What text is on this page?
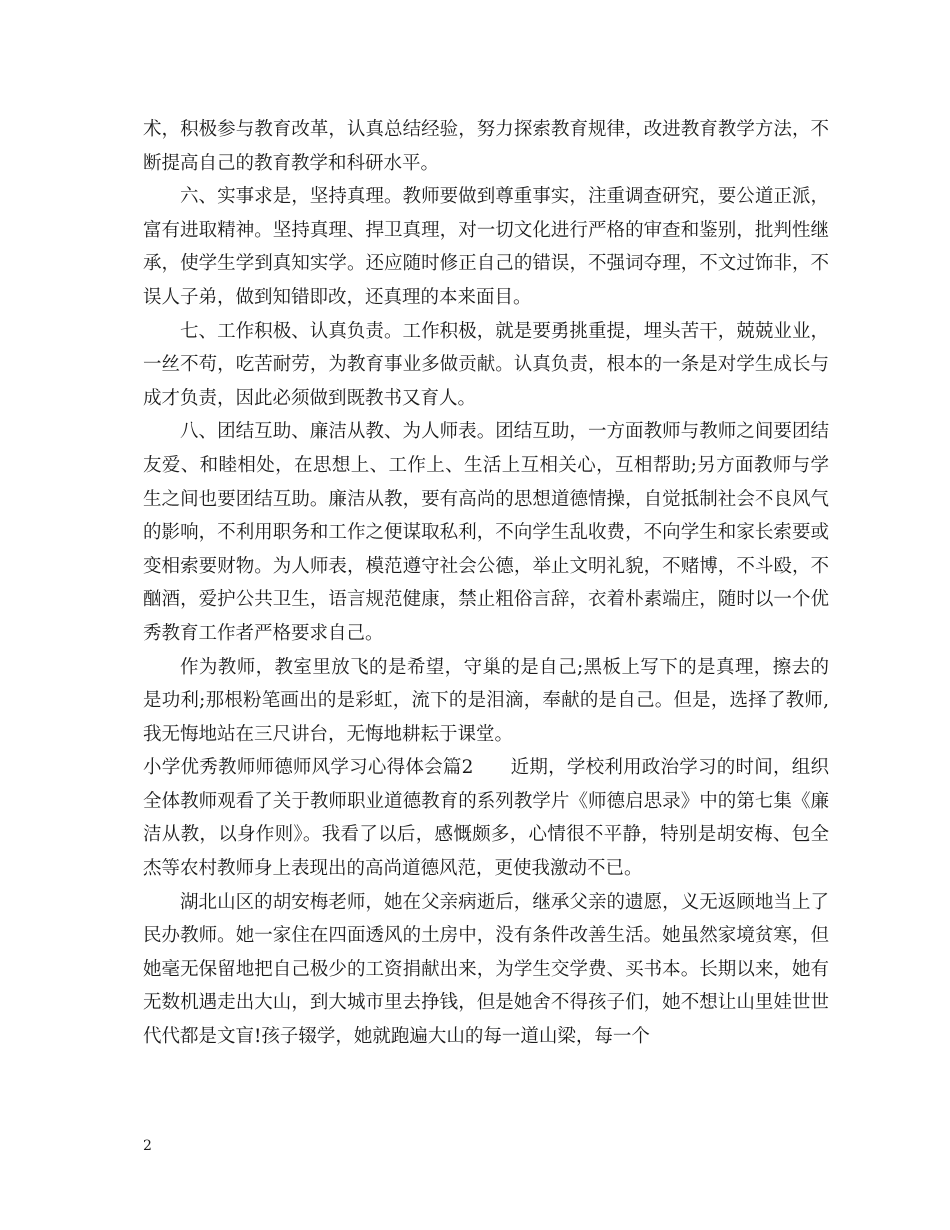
术，积极参与教育改革，认真总结经验，努力探索教育规律，改进教育教学方法，不断提高自己的教育教学和科研水平。

六、实事求是，坚持真理。教师要做到尊重事实，注重调查研究，要公道正派，富有进取精神。坚持真理、捍卫真理，对一切文化进行严格的审查和鉴别，批判性继承，使学生学到真知实学。还应随时修正自己的错误，不强词夺理，不文过饰非，不误人子弟，做到知错即改，还真理的本来面目。

七、工作积极、认真负责。工作积极，就是要勇挑重提，埋头苦干，兢兢业业，一丝不苟，吃苦耐劳，为教育事业多做贡献。认真负责，根本的一条是对学生成长与成才负责，因此必须做到既教书又育人。

八、团结互助、廉洁从教、为人师表。团结互助，一方面教师与教师之间要团结友爱、和睦相处，在思想上、工作上、生活上互相关心，互相帮助;另方面教师与学生之间也要团结互助。廉洁从教，要有高尚的思想道德情操，自觉抵制社会不良风气的影响，不利用职务和工作之便谋取私利，不向学生乱收费，不向学生和家长索要或变相索要财物。为人师表，模范遵守社会公德，举止文明礼貌，不赌博，不斗殴，不酗酒，爱护公共卫生，语言规范健康，禁止粗俗言辞，衣着朴素端庄，随时以一个优秀教育工作者严格要求自己。

作为教师，教室里放飞的是希望，守巢的是自己;黑板上写下的是真理，擦去的是功利;那根粉笔画出的是彩虹，流下的是泪滴，奉献的是自己。但是，选择了教师,我无悔地站在三尺讲台，无悔地耕耘于课堂。

小学优秀教师师德师风学习心得体会篇2 近期，学校利用政治学习的时间，组织全体教师观看了关于教师职业道德教育的系列教学片《师德启思录》中的第七集《廉洁从教，以身作则》。我看了以后，感慨颇多，心情很不平静，特别是胡安梅、包全杰等农村教师身上表现出的高尚道德风范，更使我激动不已。

湖北山区的胡安梅老师，她在父亲病逝后，继承父亲的遗愿，义无返顾地当上了民办教师。她一家住在四面透风的土房中，没有条件改善生活。她虽然家境贫寒，但她毫无保留地把自己极少的工资捐献出来，为学生交学费、买书本。长期以来，她有无数机遇走出大山，到大城市里去挣钱，但是她舍不得孩子们，她不想让山里娃世世代代都是文盲!孩子辍学，她就跑遍大山的每一道山梁，每一个

2
